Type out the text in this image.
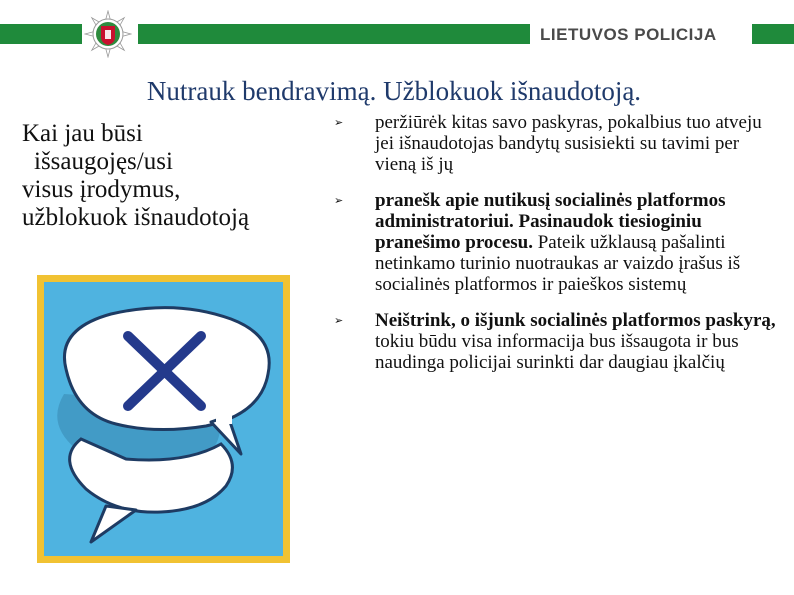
LIETUVOS POLICIJA
Nutrauk bendravimą. Užblokuok išnaudotoją.
Kai jau būsi
išsaugojęs/usi
visus įrodymus,
užblokuok išnaudotoją
➢ peržiūrėk kitas savo paskyras, pokalbius tuo atveju jei išnaudotojas bandytų susisiekti su tavimi per vieną iš jų
➢ pranešk apie nutikusį socialinės platformos administratoriui. Pasinaudok tiesioginiu pranešimo procesu. Pateik užklausą pašalinti netinkamo turinio nuotraukas ar vaizdo įrašus iš socialinės platformos ir paieškos sistemų
➢ Neištrink, o išjunk socialinės platformos paskyrą, tokiu būdu visa informacija bus išsaugota ir bus naudinga policijai surinkti dar daugiau įkalčių
